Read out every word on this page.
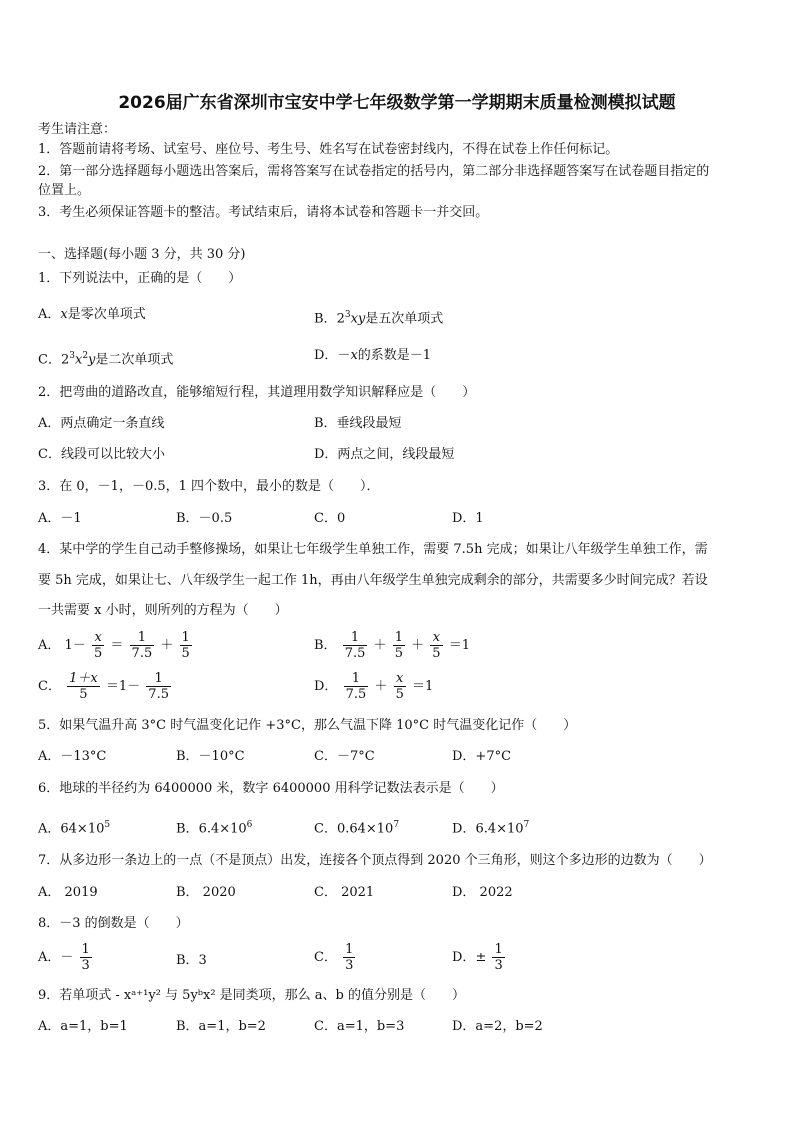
2026届广东省深圳市宝安中学七年级数学第一学期期末质量检测模拟试题
考生请注意：
1．答题前请将考场、试室号、座位号、考生号、姓名写在试卷密封线内，不得在试卷上作任何标记。
2．第一部分选择题每小题选出答案后，需将答案写在试卷指定的括号内，第二部分非选择题答案写在试卷题目指定的
位置上。
3．考生必须保证答题卡的整洁。考试结束后，请将本试卷和答题卡一并交回。
一、选择题(每小题 3 分，共 30 分)
1．下列说法中，正确的是（　　）
A．x是零次单项式	B．$2^3xy$是五次单项式
C．$2^3x^2y$是二次单项式	D．－x的系数是－1
2．把弯曲的道路改直，能够缩短行程，其道理用数学知识解释应是（　　）
A．两点确定一条直线	B．垂线段最短
C．线段可以比较大小	D．两点之间，线段最短
3．在 0，－1，－0.5，1 四个数中，最小的数是（　　）．
A．－1	B．－0.5	C．0	D．1
4．某中学的学生自己动手整修操场，如果让七年级学生单独工作，需要 7.5h 完成；如果让八年级学生单独工作，需
要 5h 完成，如果让七、八年级学生一起工作 1h，再由八年级学生单独完成剩余的部分，共需要多少时间完成？若设
一共需要 x 小时，则所列的方程为（　　）
A． $1- \frac{x}{5} = \frac{1}{7.5} + \frac{1}{5}$	B． $\frac{1}{7.5} + \frac{1}{5} + \frac{x}{5} =1$
C． $\frac{1+x}{5} =1- \frac{1}{7.5}$	D． $\frac{1}{7.5} + \frac{x}{5} =1$
5．如果气温升高 3°C 时气温变化记作 +3°C，那么气温下降 10°C 时气温变化记作（　　）
A．－13°C	B．－10°C	C．－7°C	D．+7°C
6．地球的半径约为 6400000 米，数字 6400000 用科学记数法表示是（　　）
A．$64\times 10^5$	B．$6.4\times 10^6$	C．$0.64\times 10^7$	D．$6.4\times 10^7$
7．从多边形一条边上的一点（不是顶点）出发，连接各个顶点得到 2020 个三角形，则这个多边形的边数为（　　）
A． 2019	B． 2020	C． 2021	D． 2022
8．－3 的倒数是（　　）
A．－ $\frac{1}{3}$	B．3	C． $\frac{1}{3}$	D．± $\frac{1}{3}$
9．若单项式 - xᵃ⁺¹y² 与 5yᵇx² 是同类项，那么 a、b 的值分别是（　　）
A．a=1，b=1	B．a=1，b=2	C．a=1，b=3	D．a=2，b=2
